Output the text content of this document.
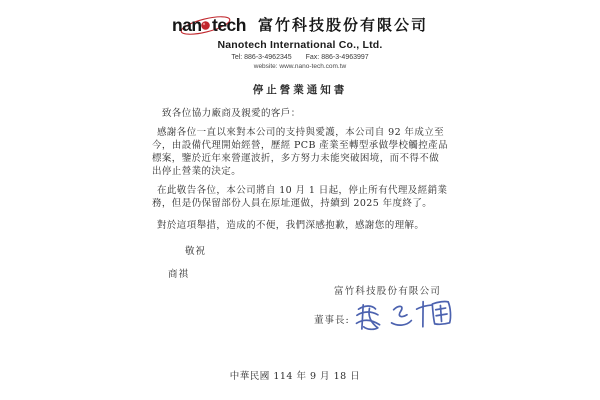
nan tech 富竹科技股份有限公司
Nanotech International Co., Ltd.
Tel: 886-3-4962345 Fax: 886-3-4963997
website: www.nano-tech.com.tw
停止營業通知書
致各位協力廠商及親愛的客戶：
感謝各位一直以來對本公司的支持與愛護，本公司自 92 年成立至
今，由設備代理開始經營，歷經 PCB 產業至轉型承做學校觸控產品
標案，鑒於近年來營運波折，多方努力未能突破困境，而不得不做
出停止營業的決定。
在此敬告各位，本公司將自 10 月 1 日起，停止所有代理及經銷業
務，但是仍保留部份人員在原址運做，持續到 2025 年度終了。
對於這項舉措，造成的不便，我們深感抱歉，感謝您的理解。
敬祝
商祺
富竹科技股份有限公司
董事長:
中華民國 114 年 9 月 18 日
